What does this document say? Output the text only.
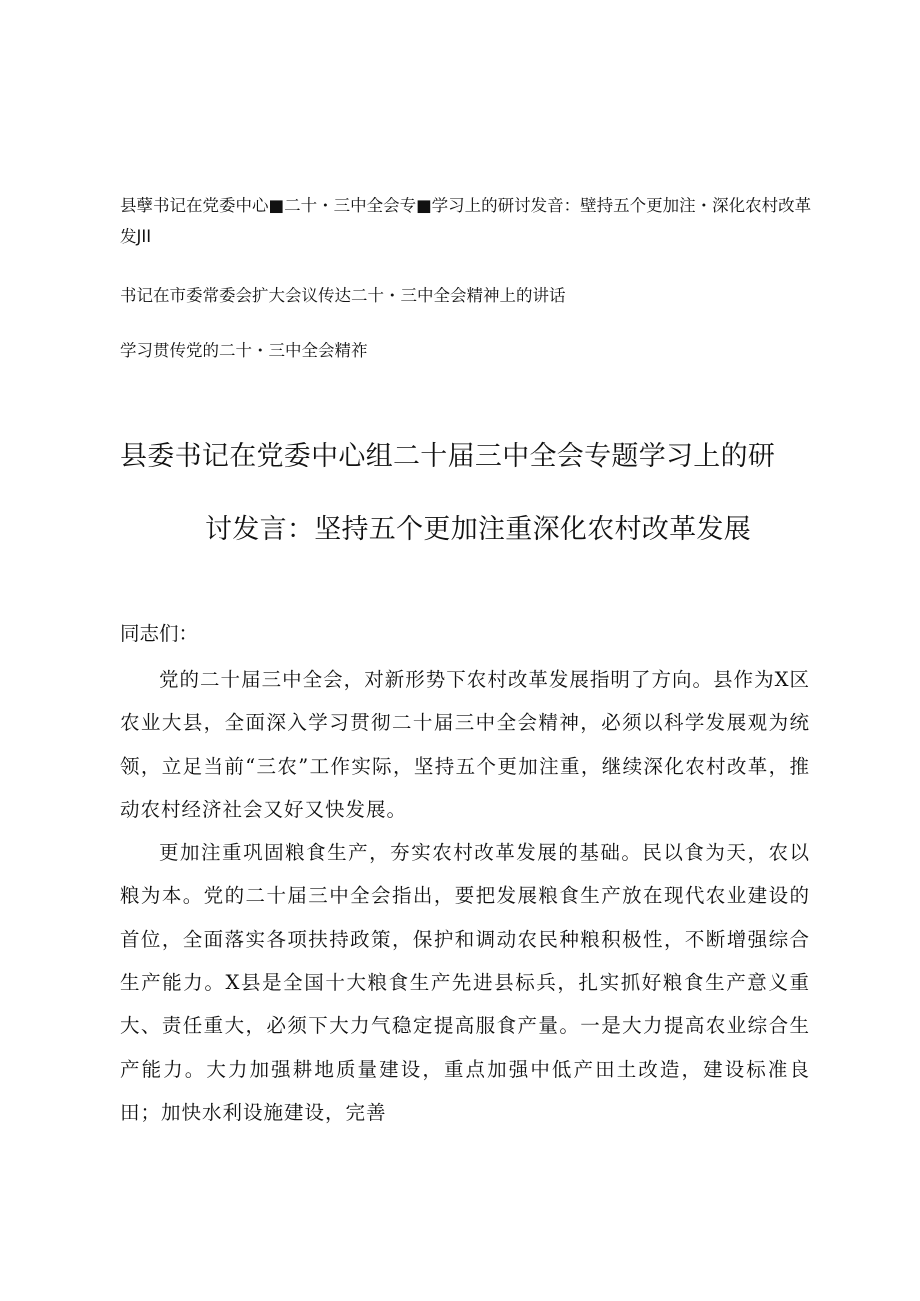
县孽书记在党委中心■二十・三中全会专■学习上的研讨发音：壁持五个更加注・深化农村改革发JII

书记在市委常委会扩大会议传达二十・三中全会精神上的讲话

学习贯传党的二十・三中全会精祚

县委书记在党委中心组二十届三中全会专题学习上的研
讨发言：坚持五个更加注重深化农村改革发展

同志们：

党的二十届三中全会，对新形势下农村改革发展指明了方向。县作为X区农业大县，全面深入学习贯彻二十届三中全会精神，必须以科学发展观为统领，立足当前“三农”工作实际，坚持五个更加注重，继续深化农村改革，推动农村经济社会又好又快发展。

更加注重巩固粮食生产，夯实农村改革发展的基础。民以食为天，农以粮为本。党的二十届三中全会指出，要把发展粮食生产放在现代农业建设的首位，全面落实各项扶持政策，保护和调动农民种粮积极性，不断增强综合生产能力。X县是全国十大粮食生产先进县标兵，扎实抓好粮食生产意义重大、责任重大，必须下大力气稳定提高服食产量。一是大力提高农业综合生产能力。大力加强耕地质量建设，重点加强中低产田土改造，建设标准良田；加快水利设施建设，完善
